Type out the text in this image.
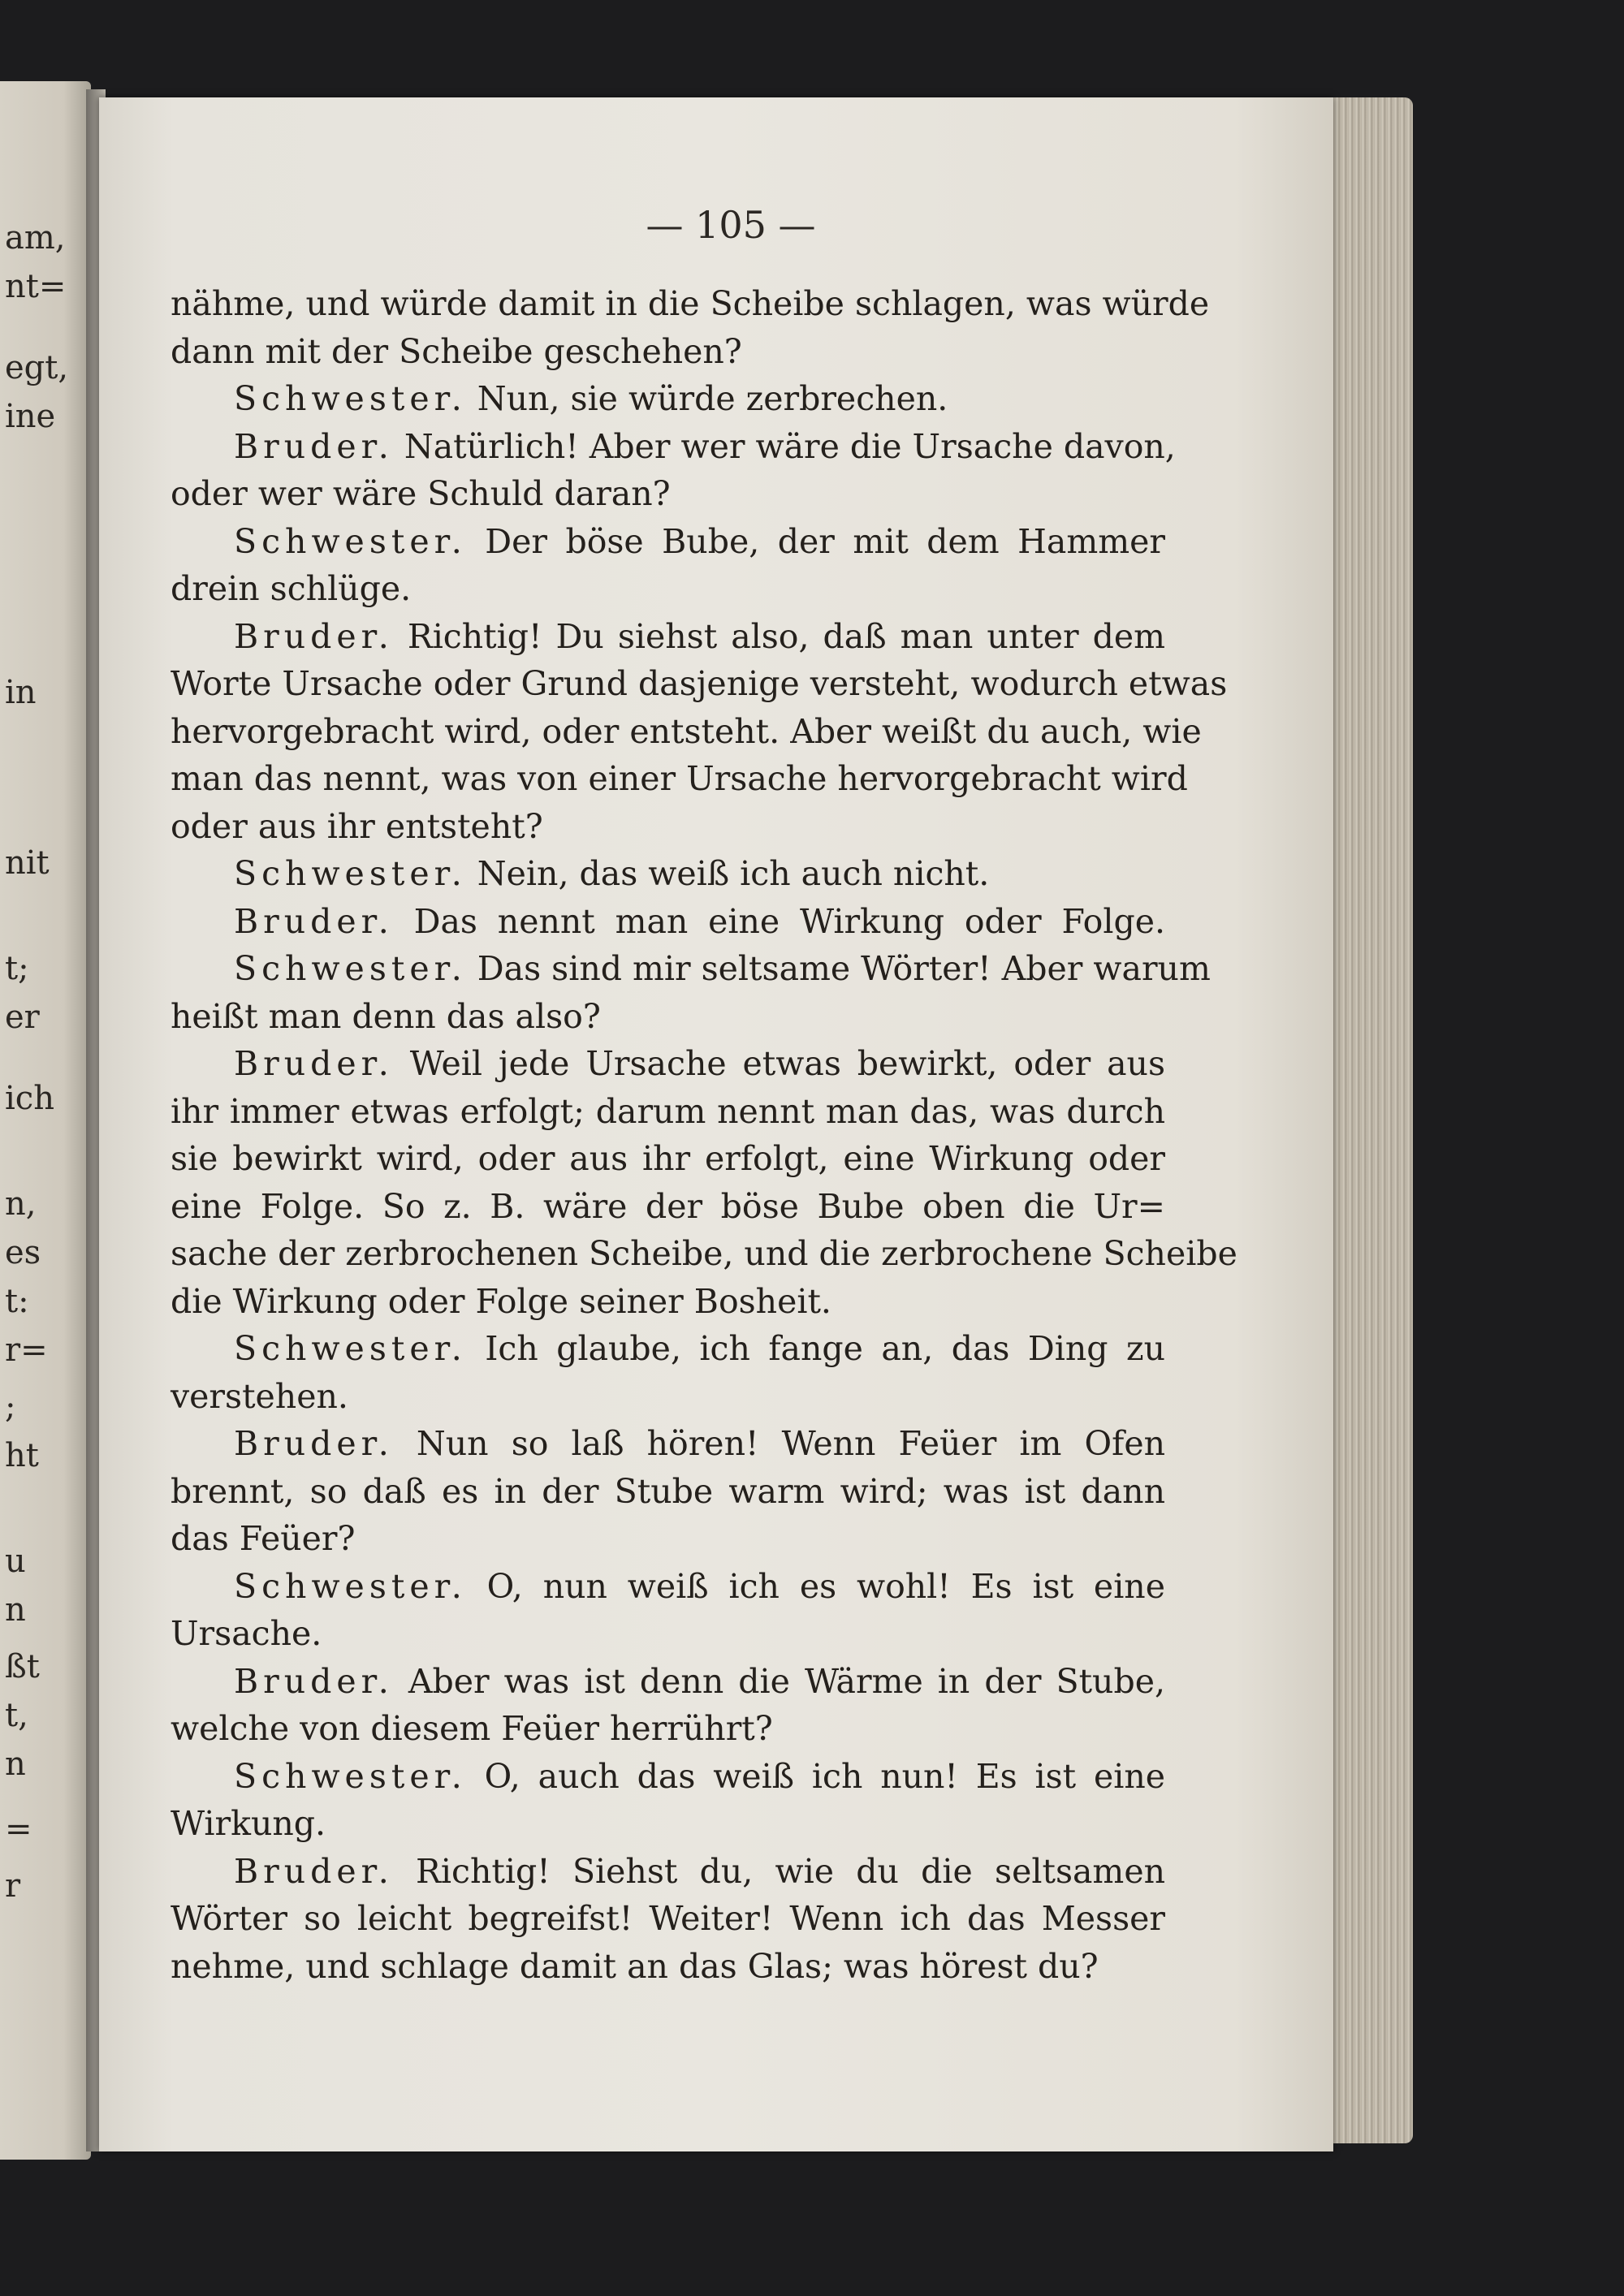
am,
nt=
egt,
ine
in
nit
t;
er
ich
n,
es
t:
r=
;
ht
u
n
ßt
t,
n
=
r
— 105 —
nähme, und würde damit in die Scheibe schlagen, was würde
dann mit der Scheibe geschehen?
Schwester. Nun, sie würde zerbrechen.
Bruder. Natürlich! Aber wer wäre die Ursache davon,
oder wer wäre Schuld daran?
Schwester. Der böse Bube, der mit dem Hammer
drein schlüge.
Bruder. Richtig! Du siehst also, daß man unter dem
Worte Ursache oder Grund dasjenige versteht, wodurch etwas
hervorgebracht wird, oder entsteht. Aber weißt du auch, wie
man das nennt, was von einer Ursache hervorgebracht wird
oder aus ihr entsteht?
Schwester. Nein, das weiß ich auch nicht.
Bruder. Das nennt man eine Wirkung oder Folge.
Schwester. Das sind mir seltsame Wörter! Aber warum
heißt man denn das also?
Bruder. Weil jede Ursache etwas bewirkt, oder aus
ihr immer etwas erfolgt; darum nennt man das, was durch
sie bewirkt wird, oder aus ihr erfolgt, eine Wirkung oder
eine Folge. So z. B. wäre der böse Bube oben die Ur=
sache der zerbrochenen Scheibe, und die zerbrochene Scheibe
die Wirkung oder Folge seiner Bosheit.
Schwester. Ich glaube, ich fange an, das Ding zu
verstehen.
Bruder. Nun so laß hören! Wenn Feüer im Ofen
brennt, so daß es in der Stube warm wird; was ist dann
das Feüer?
Schwester. O, nun weiß ich es wohl! Es ist eine
Ursache.
Bruder. Aber was ist denn die Wärme in der Stube,
welche von diesem Feüer herrührt?
Schwester. O, auch das weiß ich nun! Es ist eine
Wirkung.
Bruder. Richtig! Siehst du, wie du die seltsamen
Wörter so leicht begreifst! Weiter! Wenn ich das Messer
nehme, und schlage damit an das Glas; was hörest du?
